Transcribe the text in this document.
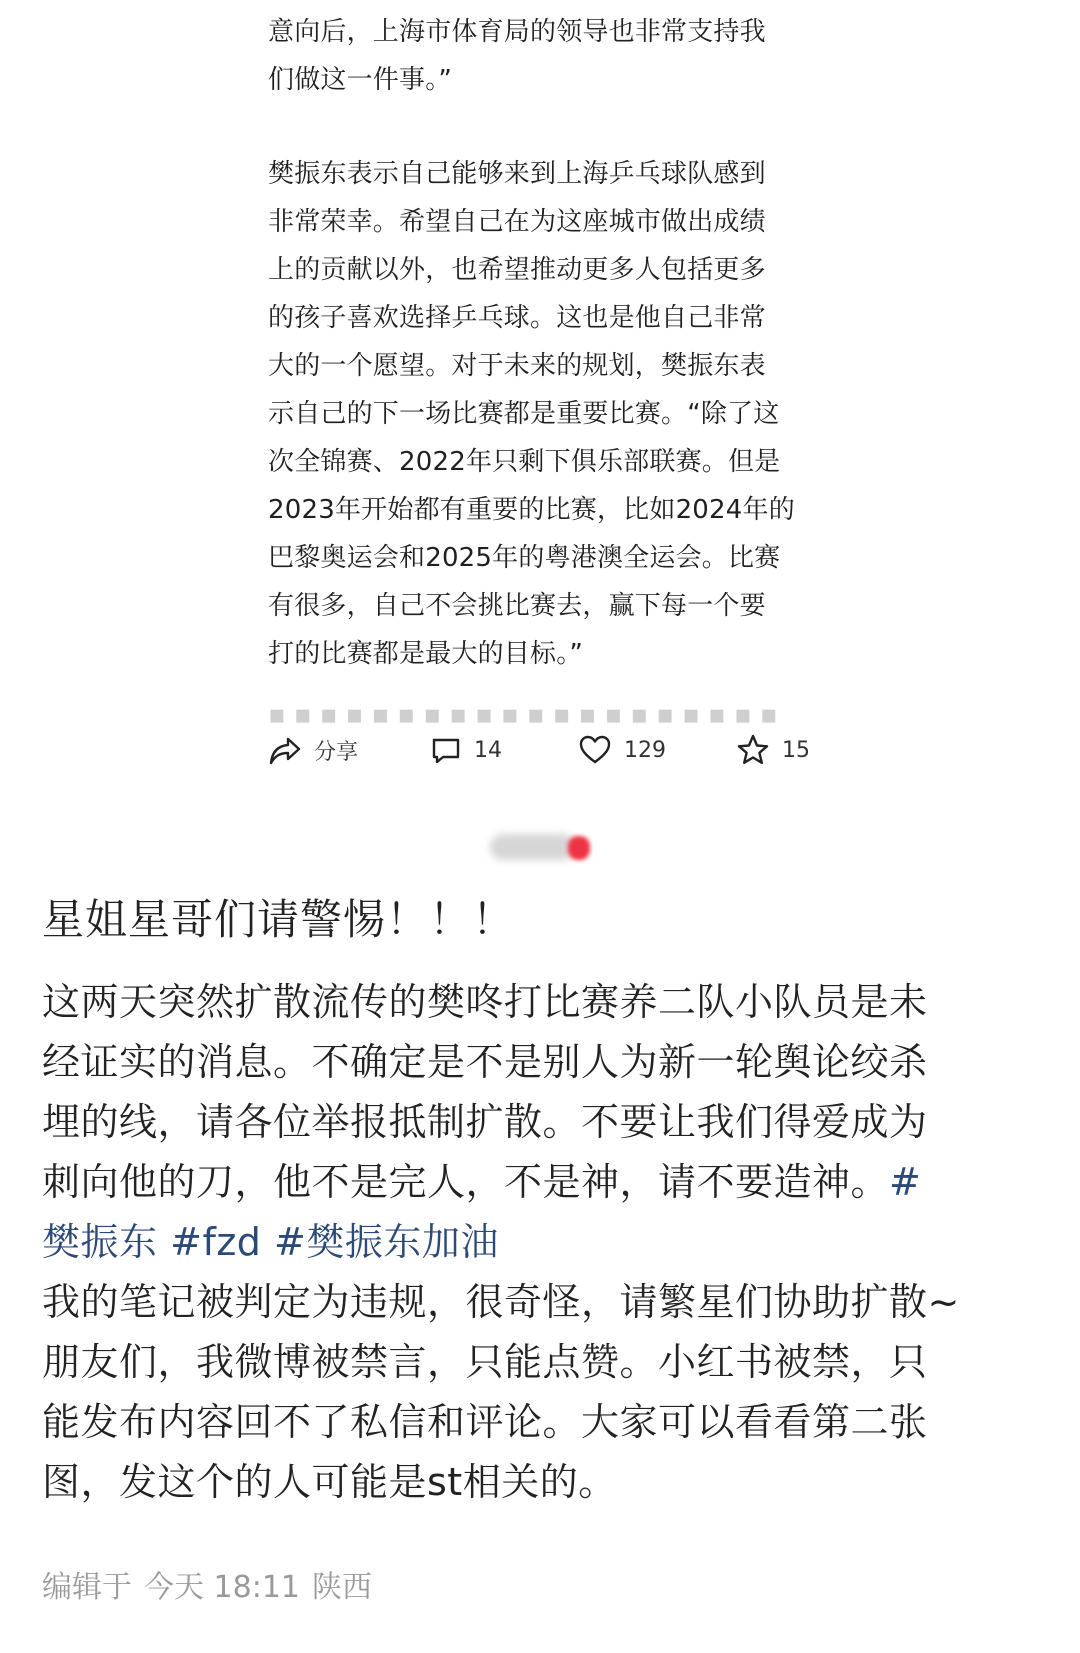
意向后，上海市体育局的领导也非常支持我
们做这一件事。”

樊振东表示自己能够来到上海乒乓球队感到
非常荣幸。希望自己在为这座城市做出成绩
上的贡献以外，也希望推动更多人包括更多
的孩子喜欢选择乒乓球。这也是他自己非常
大的一个愿望。对于未来的规划，樊振东表
示自己的下一场比赛都是重要比赛。“除了这
次全锦赛、2022年只剩下俱乐部联赛。但是
2023年开始都有重要的比赛，比如2024年的
巴黎奥运会和2025年的粤港澳全运会。比赛
有很多，自己不会挑比赛去，赢下每一个要
打的比赛都是最大的目标。”

▪ ▪ ▪ ▪ ▪ ▪ ▪ ▪ ▪ ▪ ▪ ▪ ▪ ▪ ▪ ▪ ▪ ▪ ▪ ▪
分享	14	129	15
星姐星哥们请警惕！！！
这两天突然扩散流传的樊咚打比赛养二队小队员是未
经证实的消息。不确定是不是别人为新一轮舆论绞杀
埋的线，请各位举报抵制扩散。不要让我们得爱成为
刺向他的刀，他不是完人，不是神，请不要造神。#
樊振东 #fzd #樊振东加油
我的笔记被判定为违规，很奇怪，请繁星们协助扩散~
朋友们，我微博被禁言，只能点赞。小红书被禁，只
能发布内容回不了私信和评论。大家可以看看第二张
图，发这个的人可能是st相关的。
编辑于 今天 18:11 陕西
